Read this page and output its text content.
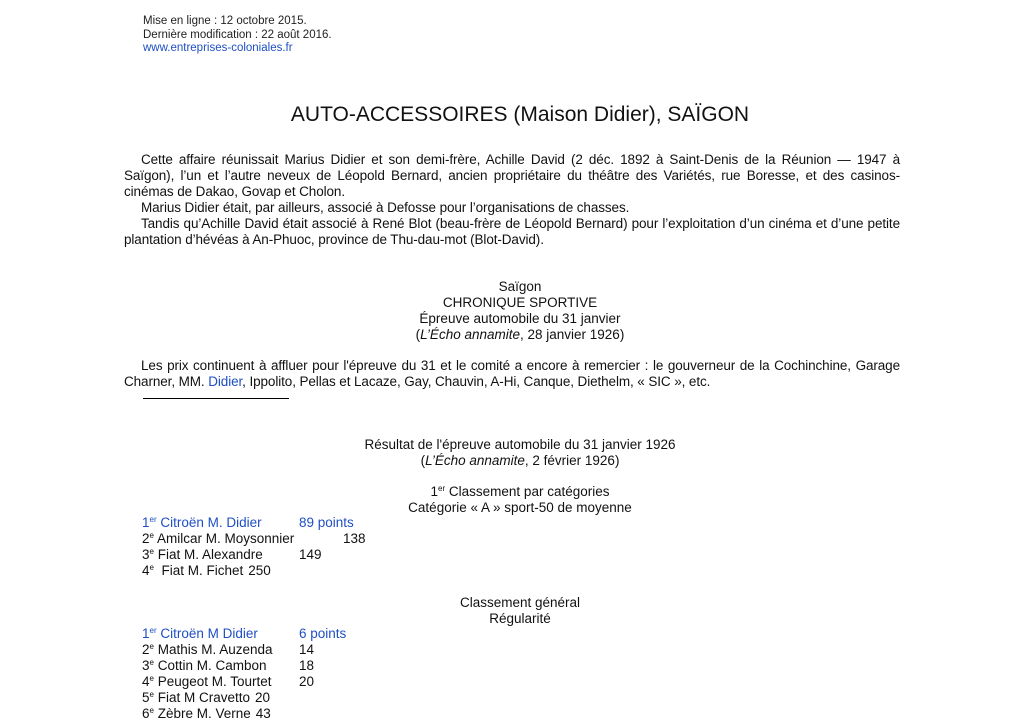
Mise en ligne : 12 octobre 2015.
Dernière modification : 22 août 2016.
www.entreprises-coloniales.fr
AUTO-ACCESSOIRES (Maison Didier), SAÏGON

Cette affaire réunissait Marius Didier et son demi-frère, Achille David (2 déc. 1892 à Saint-Denis de la Réunion — 1947 à Saïgon), l’un et l’autre neveux de Léopold Bernard, ancien propriétaire du théâtre des Variétés, rue Boresse, et des casinos-cinémas de Dakao, Govap et Cholon.

Marius Didier était, par ailleurs, associé à Defosse pour l’organisations de chasses.

Tandis qu’Achille David était associé à René Blot (beau-frère de Léopold Bernard) pour l’exploitation d’un cinéma et d’une petite plantation d’hévéas à An-Phuoc, province de Thu-dau-mot (Blot-David).

Saïgon
CHRONIQUE SPORTIVE
Épreuve automobile du 31 janvier
(L’Écho annamite, 28 janvier 1926)

Les prix continuent à affluer pour l'épreuve du 31 et le comité a encore à remercier : le gouverneur de la Cochinchine, Garage Charner, MM. Didier, Ippolito, Pellas et Lacaze, Gay, Chauvin, A-Hi, Canque, Diethelm, « SIC », etc.

Résultat de l'épreuve automobile du 31 janvier 1926
(L’Écho annamite, 2 février 1926)
1er Classement par catégories
Catégorie « A » sport-50 de moyenne
1er Citroën M. Didier	89 points
2e Amilcar M. Moysonnier	138
3e Fiat M. Alexandre	149
4e Fiat M. Fichet 250
Classement général
Régularité
1er Citroën M Didier	6 points
2e Mathis M. Auzenda 14
3e Cottin M. Cambon 18
4e Peugeot M. Tourtet 20
5e Fiat M Cravetto 20
6e Zèbre M. Verne 43
